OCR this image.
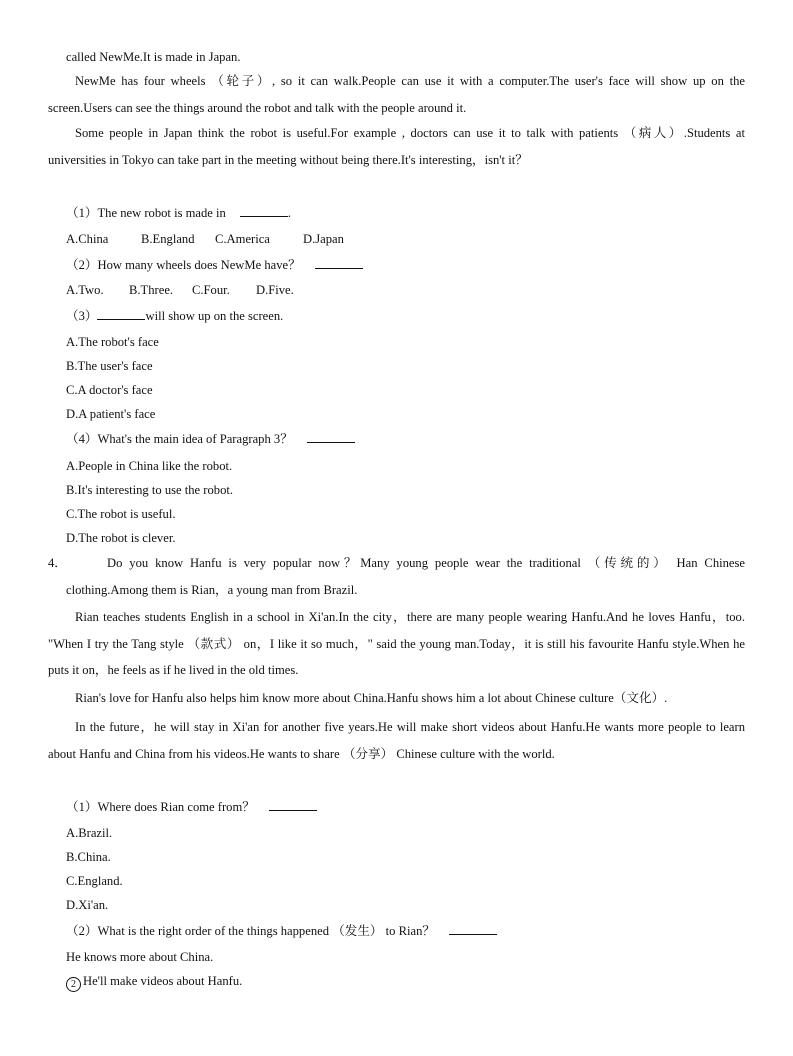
called NewMe.It is made in Japan.
NewMe has four wheels （轮子）, so it can walk.People can use it with a computer.The user's face will show up on the screen.Users can see the things around the robot and talk with the people around it.
Some people in Japan think the robot is useful.For example , doctors can use it to talk with patients （病人）.Students at universities in Tokyo can take part in the meeting without being there.It's interesting，isn't it？
（1）The new robot is made in	.
A.China	B.England C.America	D.Japan
（2）How many wheels does NewMe have？
A.Two. B.Three. C.Four. D.Five.
（3）	will show up on the screen.
A.The robot's face
B.The user's face
C.A doctor's face
D.A patient's face
（4）What's the main idea of Paragraph 3？
A.People in China like the robot.
B.It's interesting to use the robot.
C.The robot is useful.
D.The robot is clever.
4．	Do you know Hanfu is very popular now？Many young people wear the traditional （传统的） Han Chinese
clothing.Among them is Rian，a young man from Brazil.
Rian teaches students English in a school in Xi'an.In the city，there are many people wearing Hanfu.And he loves Hanfu，too. "When I try the Tang style （款式） on，I like it so much，" said the young man.Today，it is still his favourite Hanfu style.When he puts it on，he feels as if he lived in the old times.
Rian's love for Hanfu also helps him know more about China.Hanfu shows him a lot about Chinese culture（文化）.
In the future，he will stay in Xi'an for another five years.He will make short videos about Hanfu.He wants more people to learn about Hanfu and China from his videos.He wants to share （分享） Chinese culture with the world.
（1）Where does Rian come from？
A.Brazil.
B.China.
C.England.
D.Xi'an.
（2）What is the right order of the things happened （发生） to Rian？
He knows more about China.
2 He'll make videos about Hanfu.
